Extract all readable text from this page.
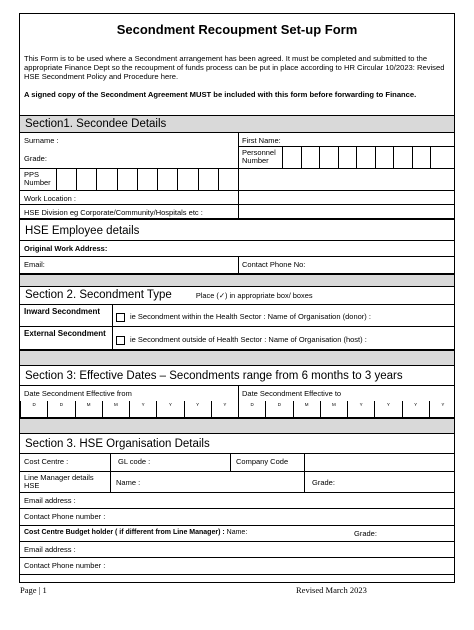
Secondment Recoupment Set-up Form
This Form is to be used where a Secondment arrangement has been agreed. It must be completed and submitted to the appropriate Finance Dept so the recoupment of funds process can be put in place according to HR Circular 10/2023: Revised HSE Secondment Policy and Procedure here.
A signed copy of the Secondment Agreement MUST be included with this form before forwarding to Finance.
Section1. Secondee Details
Surname :	First Name:
Grade:
Personnel Number
PPS Number
Work Location :
HSE Division eg Corporate/Community/Hospitals etc :
HSE Employee details
Original Work Address:
Email:	Contact Phone No:
Section 2. Secondment Type	Place (✓) in appropriate box/ boxes
Inward Secondment
ie Secondment within the Health Sector : Name of Organisation (donor) :
External Secondment
ie Secondment outside of Health Sector : Name of Organisation (host) :
Section 3: Effective Dates – Secondments range from 6 months to 3 years
Date Secondment Effective from	Date Secondment Effective to
D	D	M	M	Y	Y	Y	Y	D	D	M	M	Y	Y	Y	Y
Section 3. HSE Organisation Details
Cost Centre :	GL code :	Company Code
Line Manager details HSE	Name :	Grade:
Email address :
Contact Phone number :
Cost Centre Budget holder ( if different from Line Manager) : Name:	Grade:
Email address :
Contact Phone number :
Page | 1	Revised March 2023
